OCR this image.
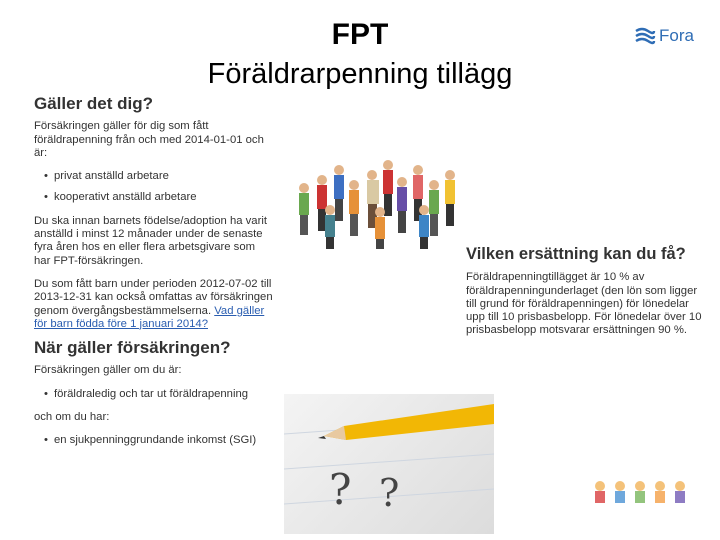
FPT
Föräldrarpenning tillägg
Fora
Gäller det dig?

Försäkringen gäller för dig som fått föräldrapenning från och med 2014-01-01 och är:

• privat anställd arbetare
• kooperativt anställd arbetare

Du ska innan barnets födelse/adoption ha varit anställd i minst 12 månader under de senaste fyra åren hos en eller flera arbetsgivare som har FPT-försäkringen.

Du som fått barn under perioden 2012-07-02 till 2013-12-31 kan också omfattas av försäkringen genom övergångsbestämmelserna. Vad gäller för barn födda före 1 januari 2014?

När gäller försäkringen?

Försäkringen gäller om du är:

• föräldraledig och tar ut föräldrapenning

och om du har:

• en sjukpenninggrundande inkomst (SGI)
Vilken ersättning kan du få?

Föräldrapenningtillägget är 10 % av föräldrapenningunderlaget (den lön som ligger till grund för föräldrapenningen) för lönedelar upp till 10 prisbasbelopp. För lönedelar över 10 prisbasbelopp motsvarar ersättningen 90 %.

? ?
